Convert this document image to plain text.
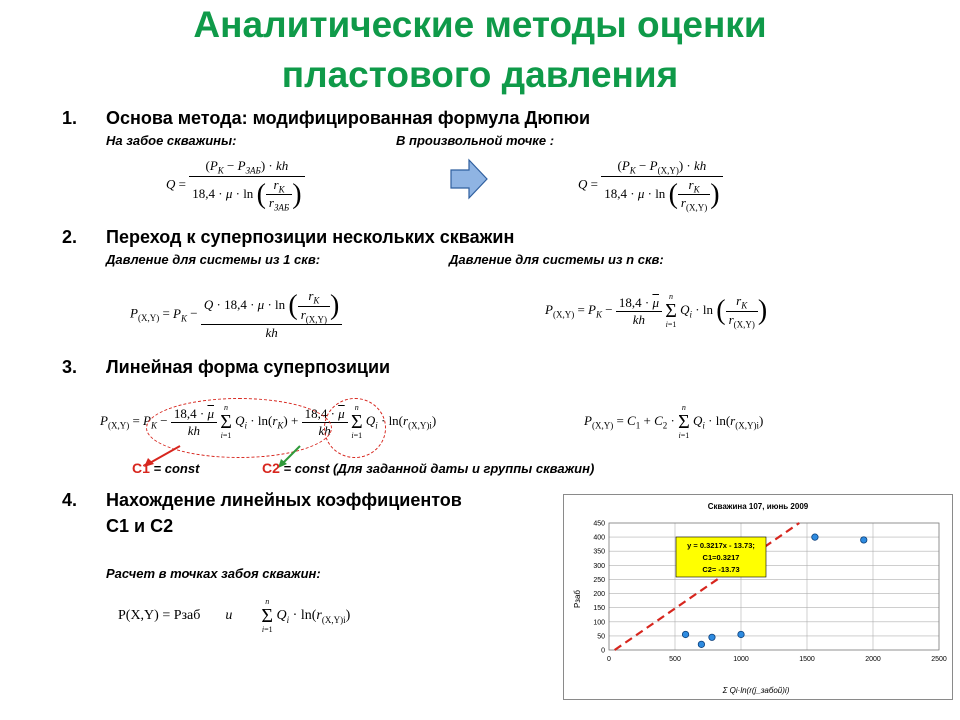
Аналитические методы оценки
пластового давления
1. Основа метода: модифицированная формула Дюпюи
На забое скважины:	В произвольной точке :
$Q = \frac{(P_K - P_{ЗАБ}) \cdot kh}{18,4 \cdot \mu \cdot \ln ( \frac{r_K}{r_{ЗАБ}} )}$	$Q = \frac{(P_K - P_{(X,Y)}) \cdot kh}{18,4 \cdot \mu \cdot \ln ( \frac{r_K}{r_{(X,Y)}} )}$
2. Переход к суперпозиции нескольких скважин
Давление для системы из 1 скв:	Давление для системы из n скв:
$P_{(X,Y)} = P_K - \frac{Q \cdot 18,4 \cdot \mu \cdot \ln ( \frac{r_K}{r_{(X,Y)}} )}{kh}$	$P_{(X,Y)} = P_K - \frac{18,4 \cdot \overline{\mu}}{kh}$
n
Σ
i=1
$Q_i \cdot \ln$ ( $\frac{r_K}{r_{(X,Y)}}$ )
3. Линейная форма суперпозиции
$P_{(X,Y)} = P_K - \frac{18,4 \cdot \overline{\mu}}{kh}$
n
Σ
i=1
$Q_i \cdot \ln(r_K) + \frac{18,4 \cdot \overline{\mu}}{kh}$
n
Σ
i=1
$Q_i \cdot \ln(r_{(X,Y)i})$	$P_{(X,Y)} = C_1 + C_2$ ·
n
Σ
i=1
$Q_i \cdot \ln(r_{(X,Y)i})$
C1 = const	C2 = const (Для заданной даты и группы скважин)
4. Нахождение линейных коэффициентов
C1 и C2
Расчет в точках забоя скважин:
P(X,Y) = Pзаб и
n
Σ
i=1
$Q_i \cdot \ln(r_{(X,Y)i})$
Скважина 107, июнь 2009
0
50
100
150
200
250
300
350
400
450
0	500	1000	1500	2000	2500
Pзаб
Σ Qi·ln(r(j_забой)i)
y = 0.3217x - 13.73;
C1=0.3217
C2= -13.73
